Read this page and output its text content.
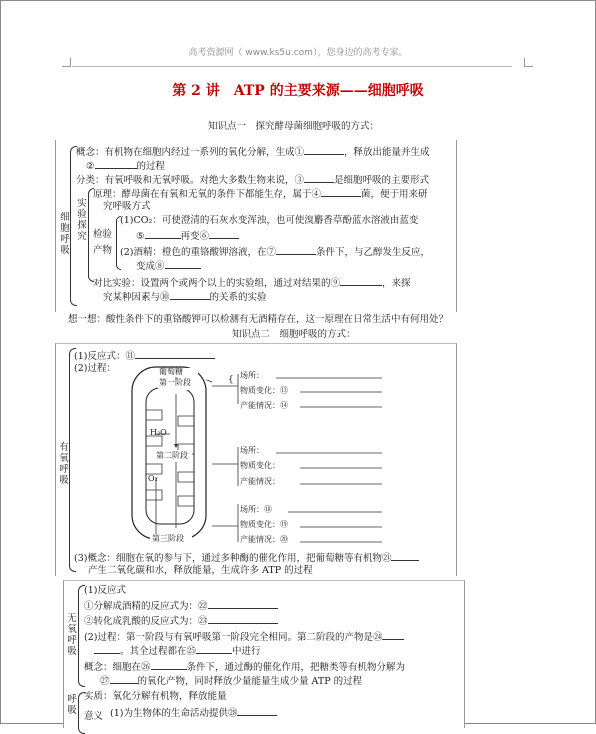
高考资源网（ www.ks5u.com），您身边的高考专家。
第 2 讲　ATP 的主要来源——细胞呼吸
知识点一　探究酵母菌细胞呼吸的方式：
细胞呼吸
概念：有机物在细胞内经过一系列的氧化分解，生成①	，释放出能量并生成
②	的过程
分类：有氧呼吸和无氧呼吸。对绝大多数生物来说，③	是细胞呼吸的主要形式
实验探究
原理：酵母菌在有氧和无氧的条件下都能生存，属于④	菌，便于用来研
究呼吸方式
检验
产物
(1)CO₂：可使澄清的石灰水变浑浊，也可使溴麝香草酚蓝水溶液由蓝变
⑤	再变⑥
(2)酒精：橙色的重铬酸钾溶液，在⑦	条件下，与乙醇发生反应，
变成⑧
对比实验：设置两个或两个以上的实验组，通过对结果的⑨	，来探
究某种因素与⑩	的关系的实验
想一想：酸性条件下的重铬酸钾可以检测有无酒精存在，这一原理在日常生活中有何用处？
知识点二　细胞呼吸的方式：
有氧呼吸
(1)反应式：⑪
(2)过程：
{
葡萄糖
第一阶段
H₂O
第二阶段
O₂
第三阶段
场所：
物质变化：⑬
产能情况：⑭
场所：
物质变化：
产能情况：
场所：⑱
物质变化：⑲
产能情况：⑳
(3)概念：细胞在氧的参与下，通过多种酶的催化作用，把葡萄糖等有机物㉑
产生二氧化碳和水，释放能量，生成许多 ATP 的过程
无氧呼吸
(1)反应式
①分解成酒精的反应式为：㉒
②转化成乳酸的反应式为：㉓
(2)过程：第一阶段与有氧呼吸第一阶段完全相同。第二阶段的产物是㉔
。其全过程都在㉕	中进行
概念：细胞在㉖	条件下，通过酶的催化作用，把糖类等有机物分解为
㉗	的氧化产物，同时释放少量能量生成少量 ATP 的过程
呼吸
实质：氧化分解有机物，释放能量
意义 (1)为生物体的生命活动提供㉘
